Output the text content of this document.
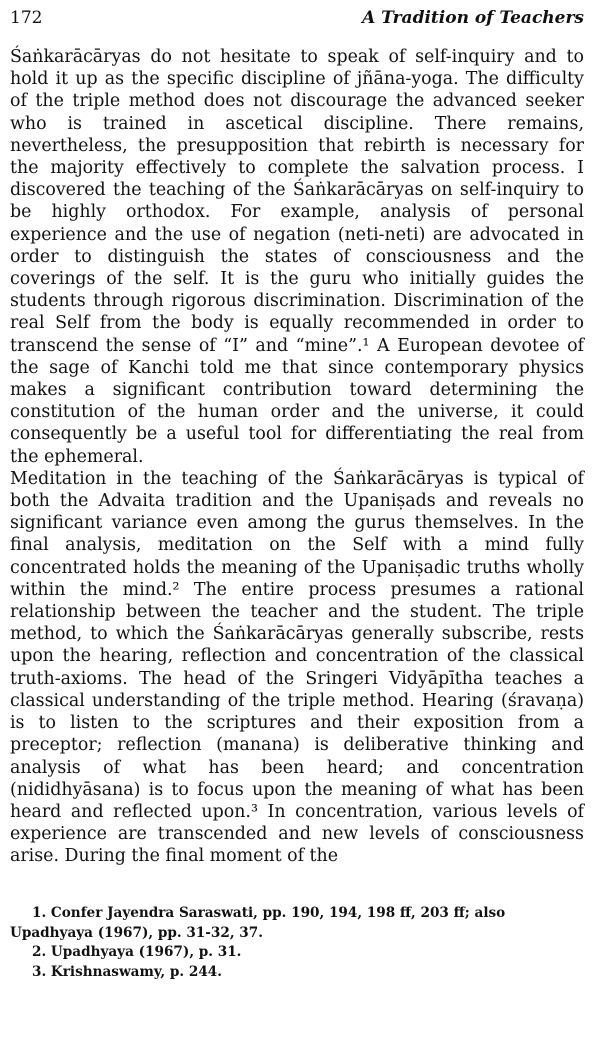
172	A Tradition of Teachers

Śaṅkarācāryas do not hesitate to speak of self-inquiry and to hold it up as the specific discipline of jñāna-yoga. The difficulty of the triple method does not discourage the advanced seeker who is trained in ascetical discipline. There remains, nevertheless, the presupposition that rebirth is necessary for the majority effectively to complete the salvation process. I discovered the teaching of the Śaṅkarācāryas on self-inquiry to be highly orthodox. For example, analysis of personal experience and the use of negation (neti-neti) are advocated in order to distinguish the states of consciousness and the coverings of the self. It is the guru who initially guides the students through rigorous discrimination. Discrimination of the real Self from the body is equally recommended in order to transcend the sense of “I” and “mine”.¹ A European devotee of the sage of Kanchi told me that since contemporary physics makes a significant contribution toward determining the constitution of the human order and the universe, it could consequently be a useful tool for differentiating the real from the ephemeral.

Meditation in the teaching of the Śaṅkarācāryas is typical of both the Advaita tradition and the Upaniṣads and reveals no significant variance even among the gurus themselves. In the final analysis, meditation on the Self with a mind fully concentrated holds the meaning of the Upaniṣadic truths wholly within the mind.² The entire process presumes a rational relationship between the teacher and the student. The triple method, to which the Śaṅkarācāryas generally subscribe, rests upon the hearing, reflection and concentration of the classical truth-axioms. The head of the Sringeri Vidyāpītha teaches a classical understanding of the triple method. Hearing (śravaṇa) is to listen to the scriptures and their exposition from a preceptor; reflection (manana) is deliberative thinking and analysis of what has been heard; and concentration (nididhyāsana) is to focus upon the meaning of what has been heard and reflected upon.³ In concentration, various levels of experience are transcended and new levels of consciousness arise. During the final moment of the

1. Confer Jayendra Saraswati, pp. 190, 194, 198 ff, 203 ff; also Upadhyaya (1967), pp. 31-32, 37.

2. Upadhyaya (1967), p. 31.

3. Krishnaswamy, p. 244.
